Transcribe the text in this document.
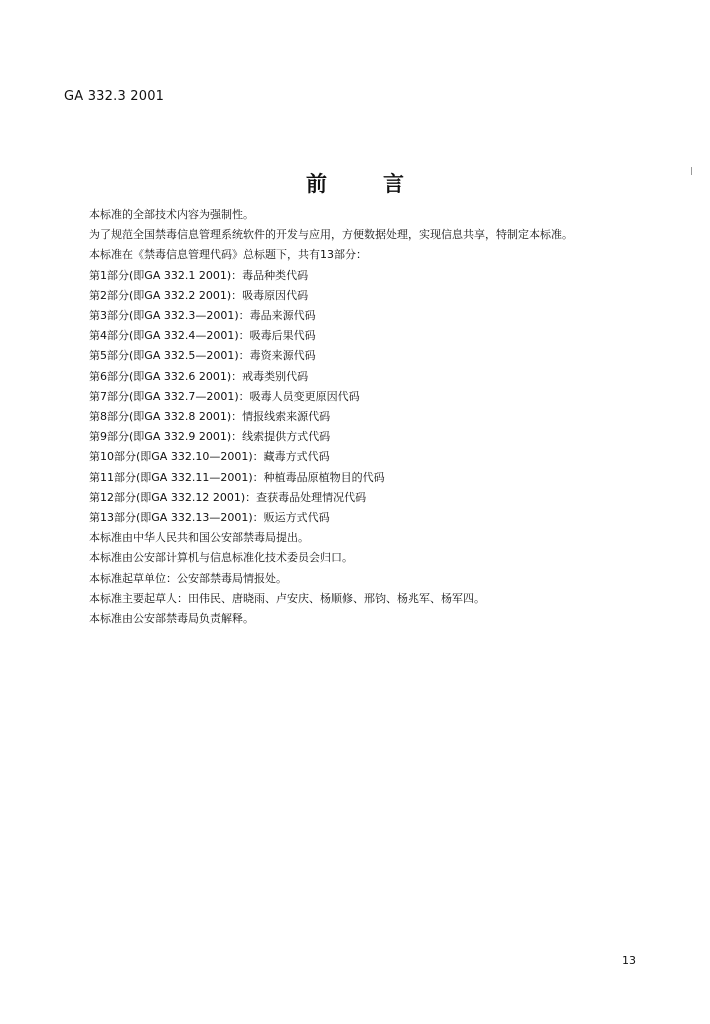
GA 332.3 2001
前言
本标准的全部技术内容为强制性。
为了规范全国禁毒信息管理系统软件的开发与应用，方便数据处理，实现信息共享，特制定本标准。
本标准在《禁毒信息管理代码》总标题下，共有13部分：
第1部分(即GA 332.1 2001)：毒品种类代码
第2部分(即GA 332.2 2001)：吸毒原因代码
第3部分(即GA 332.3—2001)：毒品来源代码
第4部分(即GA 332.4—2001)：吸毒后果代码
第5部分(即GA 332.5—2001)：毒资来源代码
第6部分(即GA 332.6 2001)：戒毒类别代码
第7部分(即GA 332.7—2001)：吸毒人员变更原因代码
第8部分(即GA 332.8 2001)：情报线索来源代码
第9部分(即GA 332.9 2001)：线索提供方式代码
第10部分(即GA 332.10—2001)：藏毒方式代码
第11部分(即GA 332.11—2001)：种植毒品原植物目的代码
第12部分(即GA 332.12 2001)：查获毒品处理情况代码
第13部分(即GA 332.13—2001)：贩运方式代码
本标准由中华人民共和国公安部禁毒局提出。
本标准由公安部计算机与信息标准化技术委员会归口。
本标准起草单位：公安部禁毒局情报处。
本标准主要起草人：田伟民、唐晓雨、卢安庆、杨顺修、邢钧、杨兆军、杨军四。
本标准由公安部禁毒局负责解释。
13
